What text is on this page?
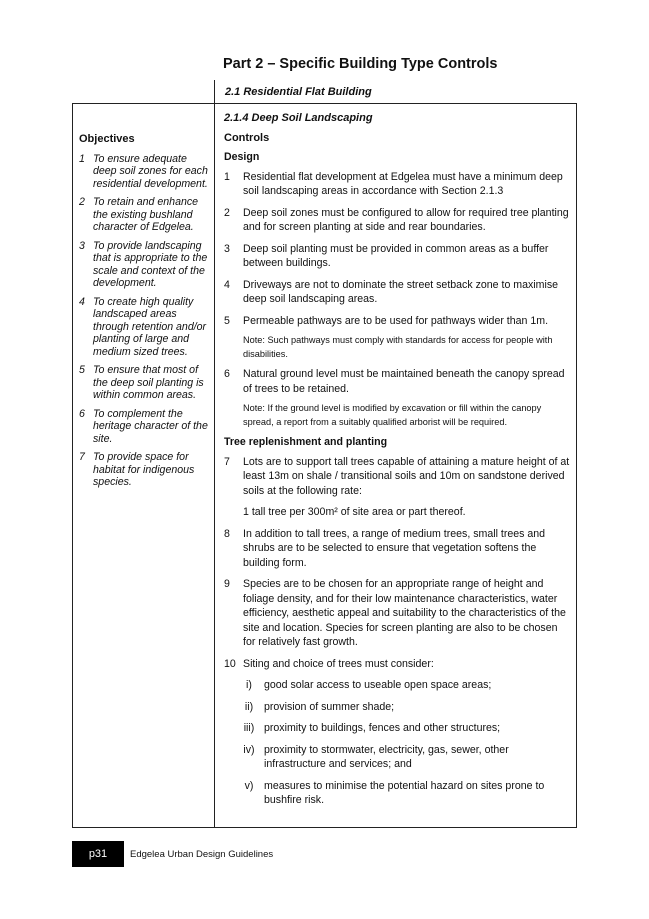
Part 2 – Specific Building Type Controls
2.1 Residential Flat Building
Objectives
1 To ensure adequate deep soil zones for each residential development.
2 To retain and enhance the existing bushland character of Edgelea.
3 To provide landscaping that is appropriate to the scale and context of the development.
4 To create high quality landscaped areas through retention and/or planting of large and medium sized trees.
5 To ensure that most of the deep soil planting is within common areas.
6 To complement the heritage character of the site.
7 To provide space for habitat for indigenous species.
2.1.4 Deep Soil Landscaping
Controls
Design
1	Residential flat development at Edgelea must have a minimum deep soil landscaping areas in accordance with Section 2.1.3
2	Deep soil zones must be configured to allow for required tree planting and for screen planting at side and rear boundaries.
3	Deep soil planting must be provided in common areas as a buffer between buildings.
4	Driveways are not to dominate the street setback zone to maximise deep soil landscaping areas.
5	Permeable pathways are to be used for pathways wider than 1m.
Note: Such pathways must comply with standards for access for people with disabilities.
6	Natural ground level must be maintained beneath the canopy spread of trees to be retained.
Note: If the ground level is modified by excavation or fill within the canopy spread, a report from a suitably qualified arborist will be required.
Tree replenishment and planting
7	Lots are to support tall trees capable of attaining a mature height of at least 13m on shale / transitional soils and 10m on sandstone derived soils at the following rate:
1 tall tree per 300m² of site area or part thereof.
8	In addition to tall trees, a range of medium trees, small trees and shrubs are to be selected to ensure that vegetation softens the building form.
9	Species are to be chosen for an appropriate range of height and foliage density, and for their low maintenance characteristics, water efficiency, aesthetic appeal and suitability to the characteristics of the site and location. Species for screen planting are also to be chosen for relatively fast growth.
10 Siting and choice of trees must consider:
i)	good solar access to useable open space areas;
ii)	provision of summer shade;
iii) proximity to buildings, fences and other structures;
iv) proximity to stormwater, electricity, gas, sewer, other infrastructure and services; and
v) measures to minimise the potential hazard on sites prone to bushfire risk.
p31	Edgelea Urban Design Guidelines
